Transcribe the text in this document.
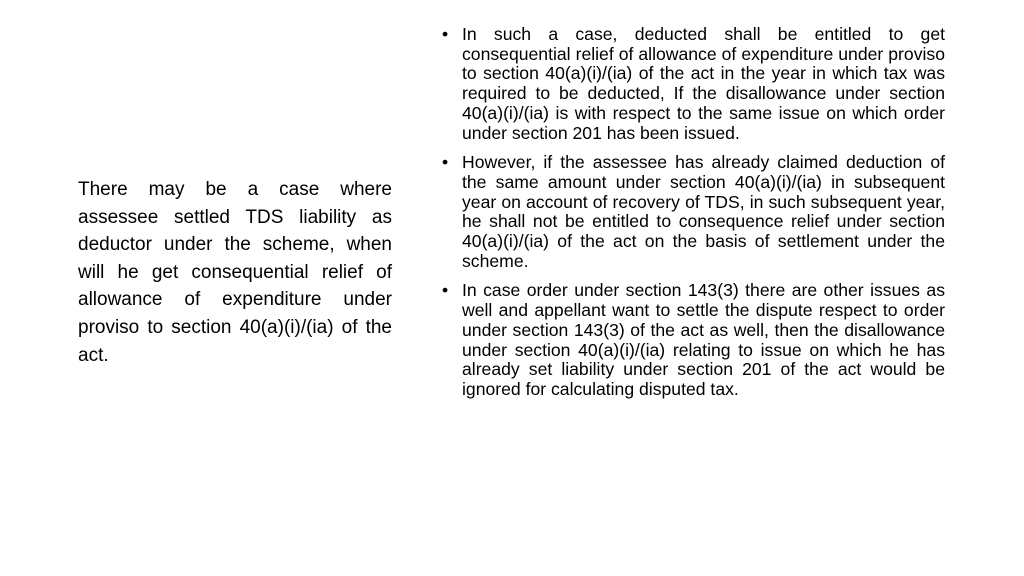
There may be a case where assessee settled TDS liability as deductor under the scheme, when will he get consequential relief of allowance of expenditure under proviso to section 40(a)(i)/(ia) of the act.
• In such a case, deducted shall be entitled to get consequential relief of allowance of expenditure under proviso to section 40(a)(i)/(ia) of the act in the year in which tax was required to be deducted, If the disallowance under section 40(a)(i)/(ia) is with respect to the same issue on which order under section 201 has been issued.
• However, if the assessee has already claimed deduction of the same amount under section 40(a)(i)/(ia) in subsequent year on account of recovery of TDS, in such subsequent year, he shall not be entitled to consequence relief under section 40(a)(i)/(ia) of the act on the basis of settlement under the scheme.
• In case order under section 143(3) there are other issues as well and appellant want to settle the dispute respect to order under section 143(3) of the act as well, then the disallowance under section 40(a)(i)/(ia) relating to issue on which he has already set liability under section 201 of the act would be ignored for calculating disputed tax.
